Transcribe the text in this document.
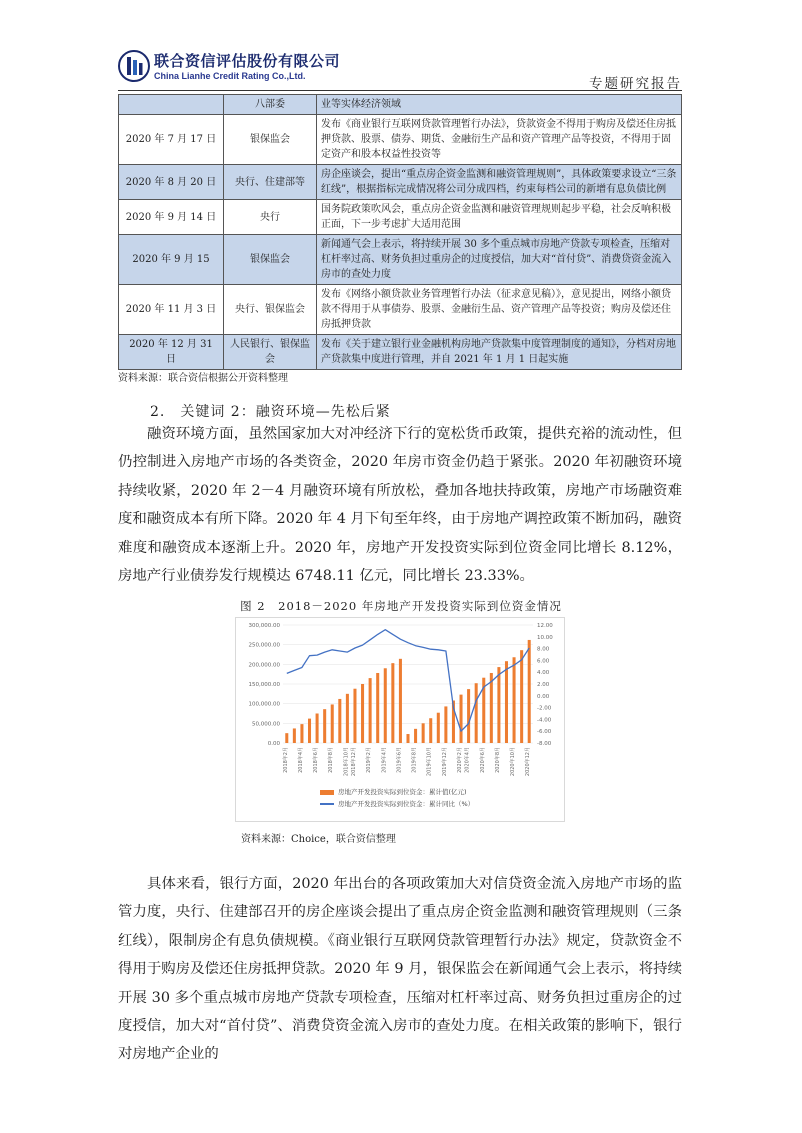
联合资信评估股份有限公司
China Lianhe Credit Rating Co.,Ltd.	专题研究报告
	八部委	业等实体经济领域
2020 年 7 月 17 日	银保监会	发布《商业银行互联网贷款管理暂行办法》，贷款资金不得用于购房及偿还住房抵押贷款、股票、债券、期货、金融衍生产品和资产管理产品等投资，不得用于固定资产和股本权益性投资等
2020 年 8 月 20 日	央行、住建部等	房企座谈会，提出“重点房企资金监测和融资管理规则”，具体政策要求设立“三条红线”，根据指标完成情况将公司分成四档，约束每档公司的新增有息负债比例
2020 年 9 月 14 日	央行	国务院政策吹风会，重点房企资金监测和融资管理规则起步平稳，社会反响积极正面，下一步考虑扩大适用范围
2020 年 9 月 15	银保监会	新闻通气会上表示，将持续开展 30 多个重点城市房地产贷款专项检查，压缩对杠杆率过高、财务负担过重房企的过度授信，加大对“首付贷”、消费贷资金流入房市的查处力度
2020 年 11 月 3 日	央行、银保监会	发布《网络小额贷款业务管理暂行办法（征求意见稿）》，意见提出，网络小额贷款不得用于从事债券、股票、金融衍生品、资产管理产品等投资；购房及偿还住房抵押贷款
2020 年 12 月 31 日	人民银行、银保监会	发布《关于建立银行业金融机构房地产贷款集中度管理制度的通知》，分档对房地产贷款集中度进行管理，并自 2021 年 1 月 1 日起实施
资料来源：联合资信根据公开资料整理
2.　关键词 2：融资环境—先松后紧

融资环境方面，虽然国家加大对冲经济下行的宽松货币政策，提供充裕的流动性，但仍控制进入房地产市场的各类资金，2020 年房市资金仍趋于紧张。2020 年初融资环境持续收紧，2020 年 2－4 月融资环境有所放松，叠加各地扶持政策，房地产市场融资难度和融资成本有所下降。2020 年 4 月下旬至年终，由于房地产调控政策不断加码，融资难度和融资成本逐渐上升。2020 年，房地产开发投资实际到位资金同比增长 8.12%，房地产行业债券发行规模达 6748.11 亿元，同比增长 23.33%。

图 2　2018－2020 年房地产开发投资实际到位资金情况
300,000.00
250,000.00
200,000.00
150,000.00
100,000.00
50,000.00
0.00
12.00
10.00
8.00
6.00
4.00
2.00
0.00
-2.00
-4.00
-6.00
-8.00
2018年2月 2018年4月 2018年6月 2018年8月 2018年10月 2018年12月 2019年2月 2019年4月 2019年6月 2019年8月 2019年10月 2019年12月 2020年2月 2020年4月 2020年6月 2020年8月 2020年10月 2020年12月
房地产开发投资实际到位资金：累计值(亿元)
房地产开发投资实际到位资金：累计同比（%）
资料来源：Choice，联合资信整理

具体来看，银行方面，2020 年出台的各项政策加大对信贷资金流入房地产市场的监管力度，央行、住建部召开的房企座谈会提出了重点房企资金监测和融资管理规则（三条红线），限制房企有息负债规模。《商业银行互联网贷款管理暂行办法》规定，贷款资金不得用于购房及偿还住房抵押贷款。2020 年 9 月，银保监会在新闻通气会上表示，将持续开展 30 多个重点城市房地产贷款专项检查，压缩对杠杆率过高、财务负担过重房企的过度授信，加大对“首付贷”、消费贷资金流入房市的查处力度。在相关政策的影响下，银行对房地产企业的
